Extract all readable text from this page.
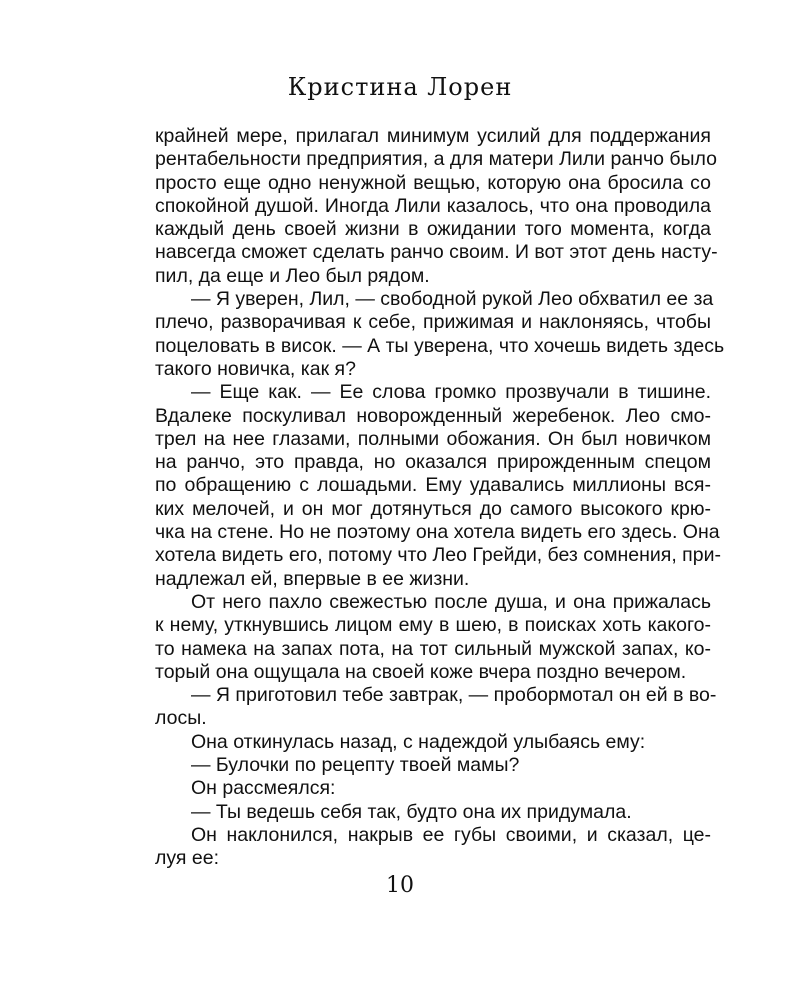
Кристина Лорен
крайней мере, прилагал минимум усилий для поддержания
рентабельности предприятия, а для матери Лили ранчо было
просто еще одно ненужной вещью, которую она бросила со
спокойной душой. Иногда Лили казалось, что она проводила
каждый день своей жизни в ожидании того момента, когда
навсегда сможет сделать ранчо своим. И вот этот день насту-
пил, да еще и Лео был рядом.
— Я уверен, Лил, — свободной рукой Лео обхватил ее за
плечо, разворачивая к себе, прижимая и наклоняясь, чтобы
поцеловать в висок. — А ты уверена, что хочешь видеть здесь
такого новичка, как я?
— Еще как. — Ее слова громко прозвучали в тишине.
Вдалеке поскуливал новорожденный жеребенок. Лео смо-
трел на нее глазами, полными обожания. Он был новичком
на ранчо, это правда, но оказался прирожденным спецом
по обращению с лошадьми. Ему удавались миллионы вся-
ких мелочей, и он мог дотянуться до самого высокого крю-
чка на стене. Но не поэтому она хотела видеть его здесь. Она
хотела видеть его, потому что Лео Грейди, без сомнения, при-
надлежал ей, впервые в ее жизни.
От него пахло свежестью после душа, и она прижалась
к нему, уткнувшись лицом ему в шею, в поисках хоть какого-
то намека на запах пота, на тот сильный мужской запах, ко-
торый она ощущала на своей коже вчера поздно вечером.
— Я приготовил тебе завтрак, — пробормотал он ей в во-
лосы.
Она откинулась назад, с надеждой улыбаясь ему:
— Булочки по рецепту твоей мамы?
Он рассмеялся:
— Ты ведешь себя так, будто она их придумала.
Он наклонился, накрыв ее губы своими, и сказал, це-
луя ее:
10
